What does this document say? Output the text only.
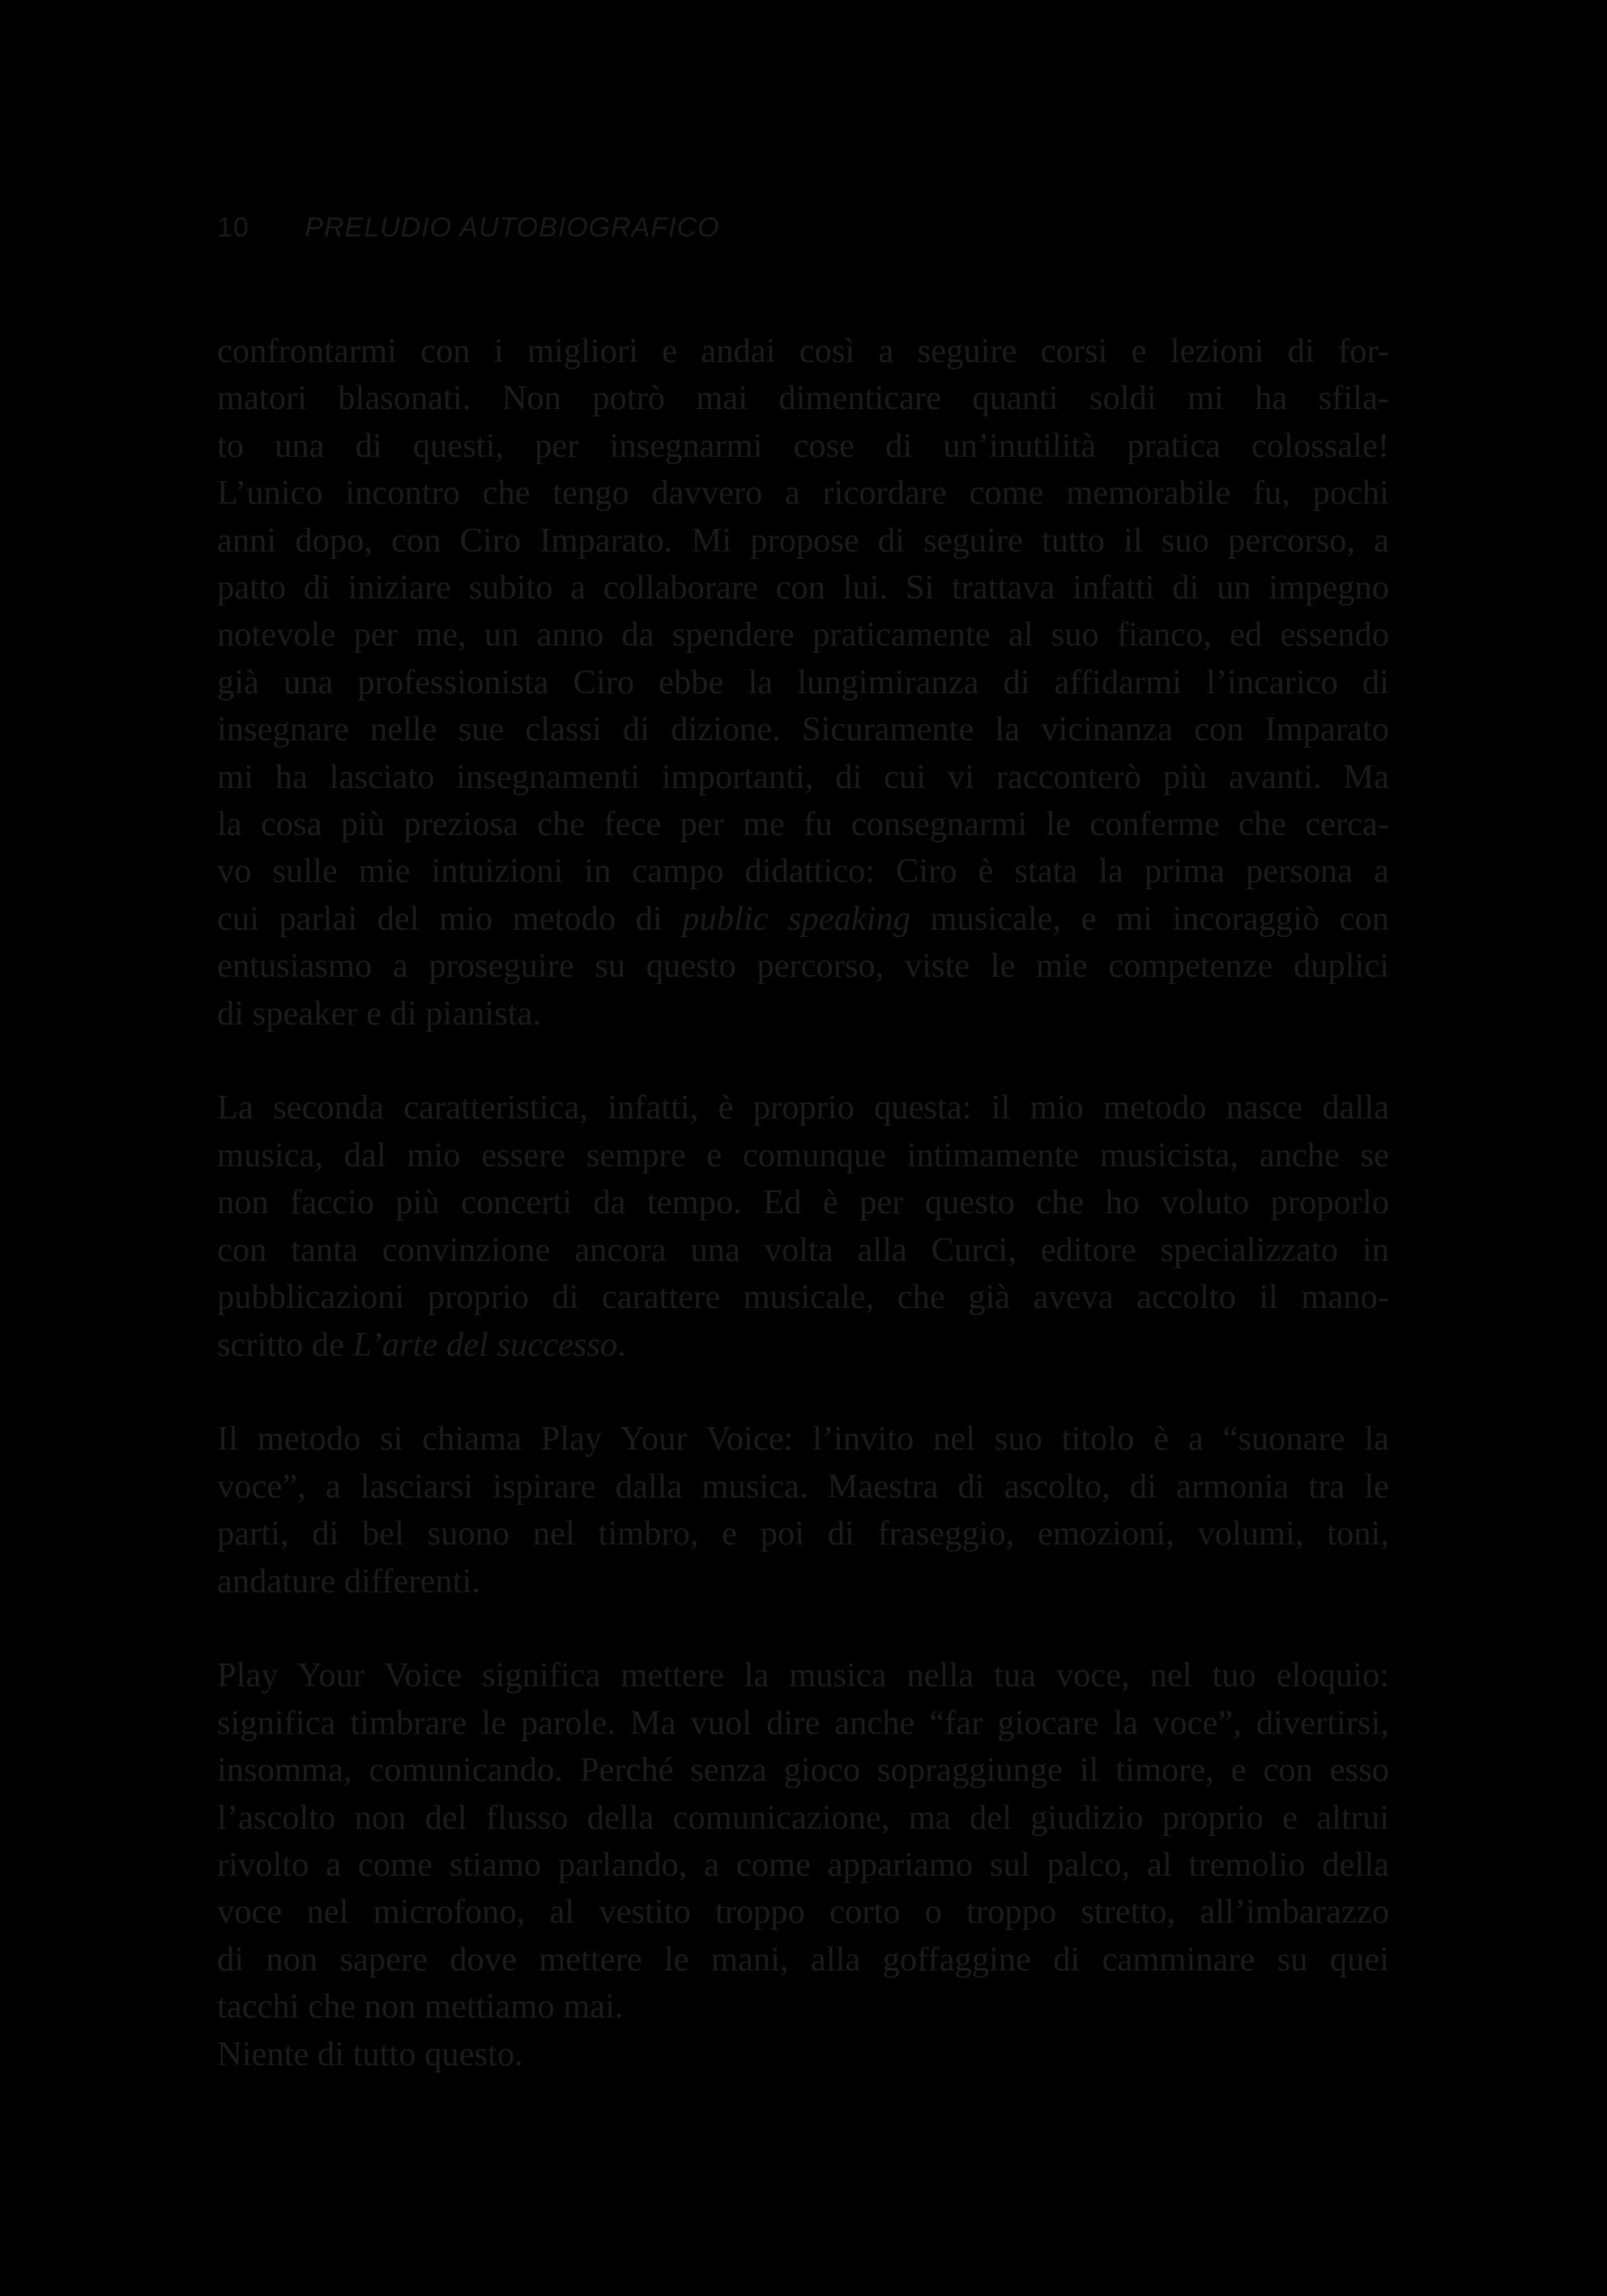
10 PRELUDIO AUTOBIOGRAFICO

confrontarmi con i migliori e andai così a seguire corsi e lezioni di for-
matori blasonati. Non potrò mai dimenticare quanti soldi mi ha sfila-
to una di questi, per insegnarmi cose di un’inutilità pratica colossale!
L’unico incontro che tengo davvero a ricordare come memorabile fu, pochi
anni dopo, con Ciro Imparato. Mi propose di seguire tutto il suo percorso, a
patto di iniziare subito a collaborare con lui. Si trattava infatti di un impegno
notevole per me, un anno da spendere praticamente al suo fianco, ed essendo
già una professionista Ciro ebbe la lungimiranza di affidarmi l’incarico di
insegnare nelle sue classi di dizione. Sicuramente la vicinanza con Imparato
mi ha lasciato insegnamenti importanti, di cui vi racconterò più avanti. Ma
la cosa più preziosa che fece per me fu consegnarmi le conferme che cerca-
vo sulle mie intuizioni in campo didattico: Ciro è stata la prima persona a
cui parlai del mio metodo di public speaking musicale, e mi incoraggiò con
entusiasmo a proseguire su questo percorso, viste le mie competenze duplici
di speaker e di pianista.

La seconda caratteristica, infatti, è proprio questa: il mio metodo nasce dalla
musica, dal mio essere sempre e comunque intimamente musicista, anche se
non faccio più concerti da tempo. Ed è per questo che ho voluto proporlo
con tanta convinzione ancora una volta alla Curci, editore specializzato in
pubblicazioni proprio di carattere musicale, che già aveva accolto il mano-
scritto de L’arte del successo.

Il metodo si chiama Play Your Voice: l’invito nel suo titolo è a “suonare la
voce”, a lasciarsi ispirare dalla musica. Maestra di ascolto, di armonia tra le
parti, di bel suono nel timbro, e poi di fraseggio, emozioni, volumi, toni,
andature differenti.

Play Your Voice significa mettere la musica nella tua voce, nel tuo eloquio:
significa timbrare le parole. Ma vuol dire anche “far giocare la voce”, divertirsi,
insomma, comunicando. Perché senza gioco sopraggiunge il timore, e con esso
l’ascolto non del flusso della comunicazione, ma del giudizio proprio e altrui
rivolto a come stiamo parlando, a come appariamo sul palco, al tremolio della
voce nel microfono, al vestito troppo corto o troppo stretto, all’imbarazzo
di non sapere dove mettere le mani, alla goffaggine di camminare su quei
tacchi che non mettiamo mai.
Niente di tutto questo.
